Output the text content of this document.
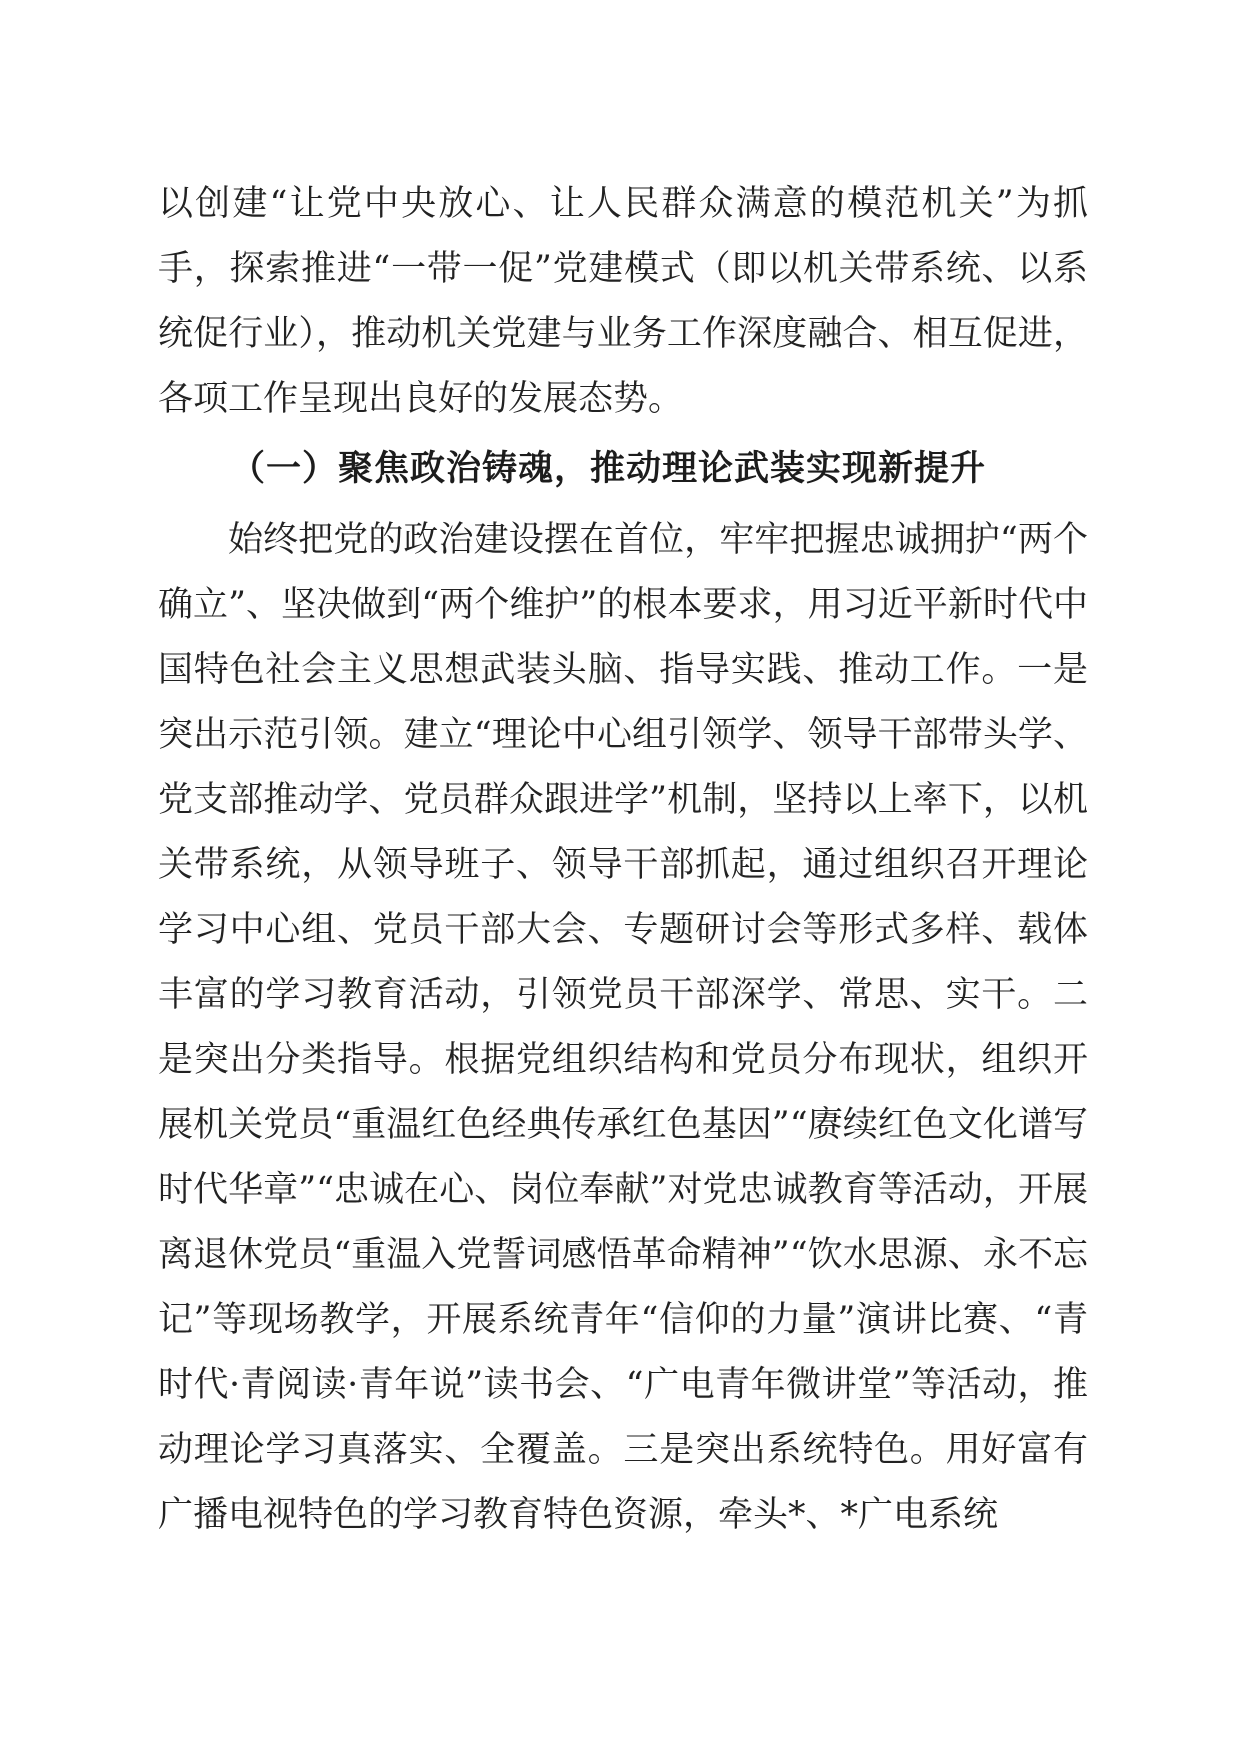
以创建“让党中央放心、让人民群众满意的模范机关”为抓手，探索推进“一带一促”党建模式（即以机关带系统、以系统促行业），推动机关党建与业务工作深度融合、相互促进，各项工作呈现出良好的发展态势。

（一）聚焦政治铸魂，推动理论武装实现新提升

始终把党的政治建设摆在首位，牢牢把握忠诚拥护“两个确立”、坚决做到“两个维护”的根本要求，用习近平新时代中国特色社会主义思想武装头脑、指导实践、推动工作。一是突出示范引领。建立“理论中心组引领学、领导干部带头学、党支部推动学、党员群众跟进学”机制，坚持以上率下，以机关带系统，从领导班子、领导干部抓起，通过组织召开理论学习中心组、党员干部大会、专题研讨会等形式多样、载体丰富的学习教育活动，引领党员干部深学、常思、实干。二是突出分类指导。根据党组织结构和党员分布现状，组织开展机关党员“重温红色经典传承红色基因”“赓续红色文化谱写时代华章”“忠诚在心、岗位奉献”对党忠诚教育等活动，开展离退休党员“重温入党誓词感悟革命精神”“饮水思源、永不忘记”等现场教学，开展系统青年“信仰的力量”演讲比赛、“青时代·青阅读·青年说”读书会、“广电青年微讲堂”等活动，推动理论学习真落实、全覆盖。三是突出系统特色。用好富有广播电视特色的学习教育特色资源，牵头*、*广电系统
